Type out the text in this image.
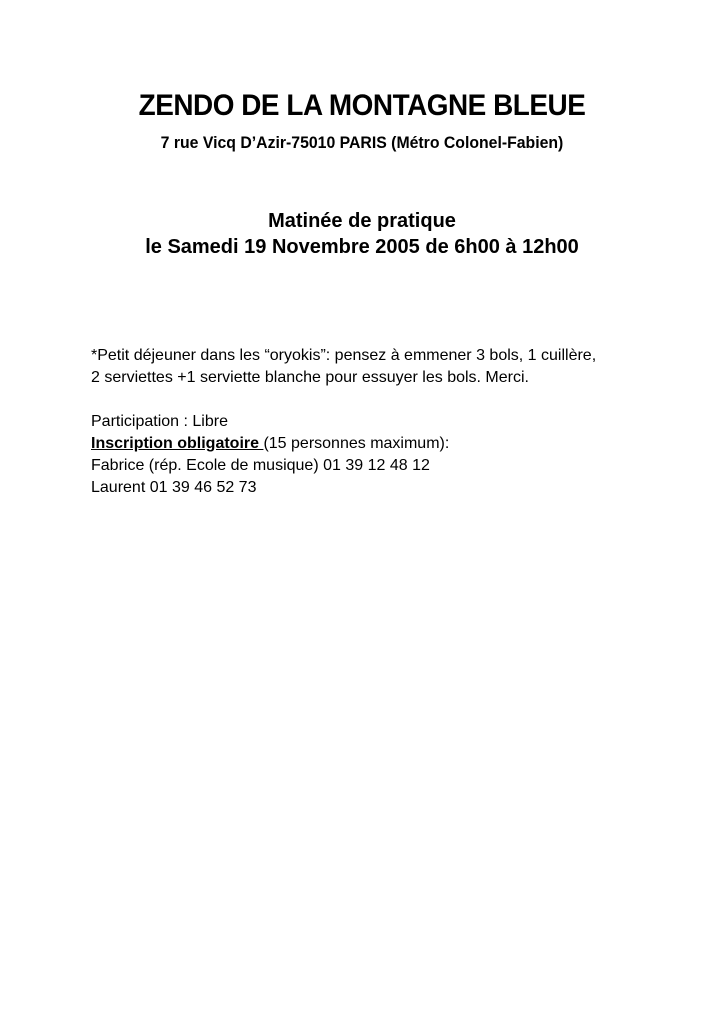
ZENDO DE LA MONTAGNE BLEUE
7 rue Vicq D’Azir-75010 PARIS (Métro Colonel-Fabien)
Matinée de pratique
le Samedi 19 Novembre 2005 de 6h00 à 12h00

*Petit déjeuner dans les “oryokis”: pensez à emmener 3 bols, 1 cuillère,

2 serviettes +1 serviette blanche pour essuyer les bols. Merci.

Participation : Libre

Inscription obligatoire (15 personnes maximum):

Fabrice (rép. Ecole de musique) 01 39 12 48 12

Laurent 01 39 46 52 73
